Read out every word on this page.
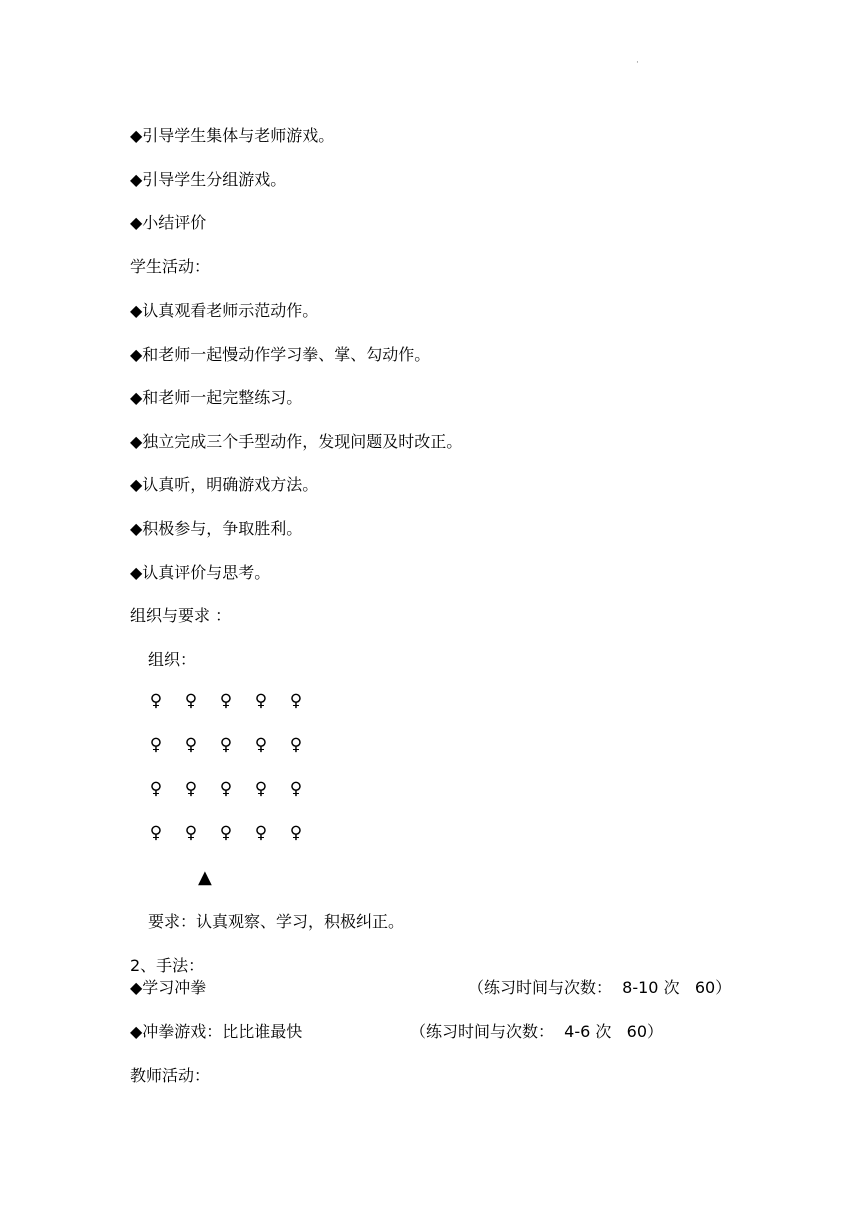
·
◆引导学生集体与老师游戏。
◆引导学生分组游戏。
◆小结评价
学生活动：
◆认真观看老师示范动作。
◆和老师一起慢动作学习拳、掌、勾动作。
◆和老师一起完整练习。
◆独立完成三个手型动作，发现问题及时改正。
◆认真听，明确游戏方法。
◆积极参与，争取胜利。
◆认真评价与思考。
组织与要求 ：
组织：
♀ ♀ ♀ ♀ ♀
♀ ♀ ♀ ♀ ♀
♀ ♀ ♀ ♀ ♀
♀ ♀ ♀ ♀ ♀
▲
要求：认真观察、学习，积极纠正。
2、手法：
◆学习冲拳	（练习时间与次数：  8-10 次   60）
◆冲拳游戏：比比谁最快	（练习时间与次数：  4-6 次   60）
教师活动：
